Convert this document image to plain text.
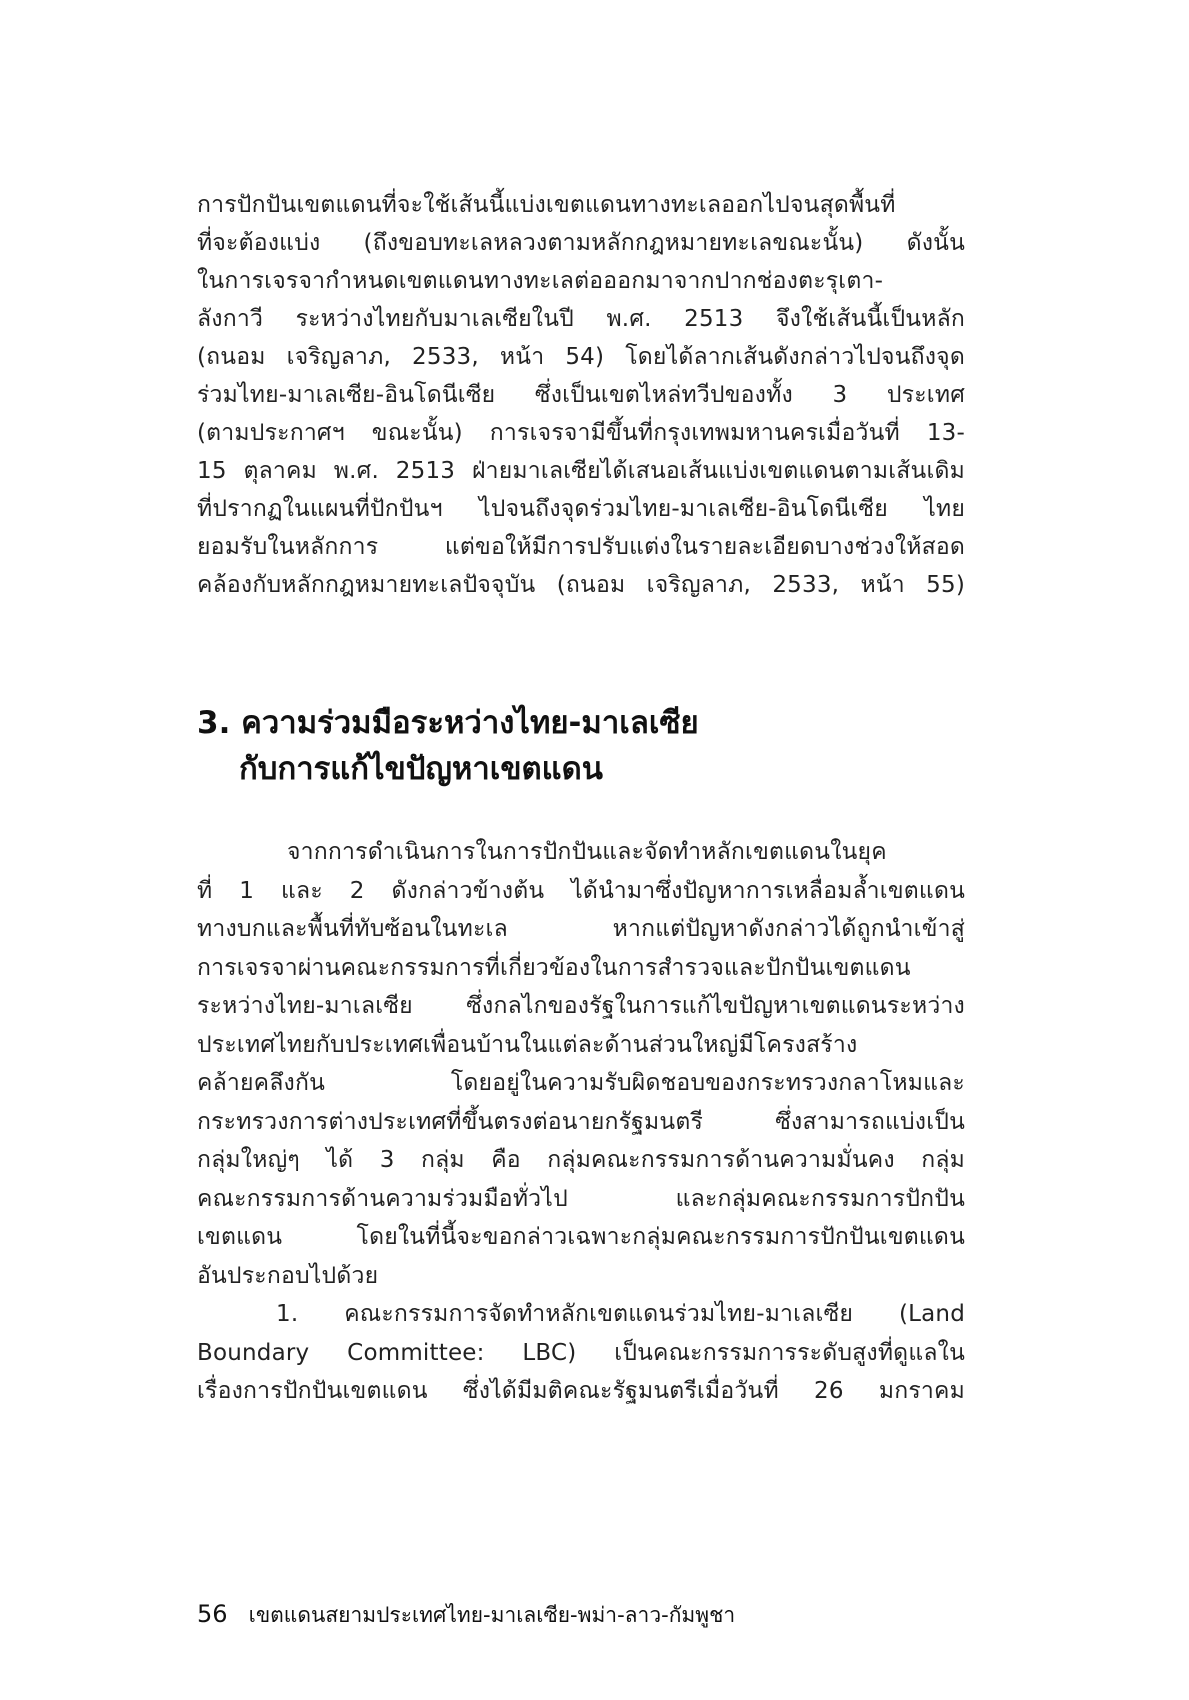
การปักปันเขตแดนที่จะใช้เส้นนี้แบ่งเขตแดนทางทะเลออกไปจนสุดพื้นที่
ที่จะต้องแบ่ง (ถึงขอบทะเลหลวงตามหลักกฎหมายทะเลขณะนั้น) ดังนั้น
ในการเจรจากำหนดเขตแดนทางทะเลต่อออกมาจากปากช่องตะรุเตา-
ลังกาวี ระหว่างไทยกับมาเลเซียในปี พ.ศ. 2513 จึงใช้เส้นนี้เป็นหลัก
(ถนอม เจริญลาภ, 2533, หน้า 54) โดยได้ลากเส้นดังกล่าวไปจนถึงจุด
ร่วมไทย-มาเลเซีย-อินโดนีเซีย ซึ่งเป็นเขตไหล่ทวีปของทั้ง 3 ประเทศ
(ตามประกาศฯ ขณะนั้น) การเจรจามีขึ้นที่กรุงเทพมหานครเมื่อวันที่ 13-
15 ตุลาคม พ.ศ. 2513 ฝ่ายมาเลเซียได้เสนอเส้นแบ่งเขตแดนตามเส้นเดิม
ที่ปรากฏในแผนที่ปักปันฯ ไปจนถึงจุดร่วมไทย-มาเลเซีย-อินโดนีเซีย ไทย
ยอมรับในหลักการ แต่ขอให้มีการปรับแต่งในรายละเอียดบางช่วงให้สอด
คล้องกับหลักกฎหมายทะเลปัจจุบัน (ถนอม เจริญลาภ, 2533, หน้า 55)
3. ความร่วมมือระหว่างไทย-มาเลเซีย
กับการแก้ไขปัญหาเขตแดน
จากการดำเนินการในการปักปันและจัดทำหลักเขตแดนในยุค
ที่ 1 และ 2 ดังกล่าวข้างต้น ได้นำมาซึ่งปัญหาการเหลื่อมล้ำเขตแดน
ทางบกและพื้นที่ทับซ้อนในทะเล หากแต่ปัญหาดังกล่าวได้ถูกนำเข้าสู่
การเจรจาผ่านคณะกรรมการที่เกี่ยวข้องในการสำรวจและปักปันเขตแดน
ระหว่างไทย-มาเลเซีย ซึ่งกลไกของรัฐในการแก้ไขปัญหาเขตแดนระหว่าง
ประเทศไทยกับประเทศเพื่อนบ้านในแต่ละด้านส่วนใหญ่มีโครงสร้าง
คล้ายคลึงกัน โดยอยู่ในความรับผิดชอบของกระทรวงกลาโหมและ
กระทรวงการต่างประเทศที่ขึ้นตรงต่อนายกรัฐมนตรี ซึ่งสามารถแบ่งเป็น
กลุ่มใหญ่ๆ ได้ 3 กลุ่ม คือ กลุ่มคณะกรรมการด้านความมั่นคง กลุ่ม
คณะกรรมการด้านความร่วมมือทั่วไป และกลุ่มคณะกรรมการปักปัน
เขตแดน โดยในที่นี้จะขอกล่าวเฉพาะกลุ่มคณะกรรมการปักปันเขตแดน
อันประกอบไปด้วย
1. คณะกรรมการจัดทำหลักเขตแดนร่วมไทย-มาเลเซีย (Land
Boundary Committee: LBC) เป็นคณะกรรมการระดับสูงที่ดูแลใน
เรื่องการปักปันเขตแดน ซึ่งได้มีมติคณะรัฐมนตรีเมื่อวันที่ 26 มกราคม
56 เขตแดนสยามประเทศไทย-มาเลเซีย-พม่า-ลาว-กัมพูชา
